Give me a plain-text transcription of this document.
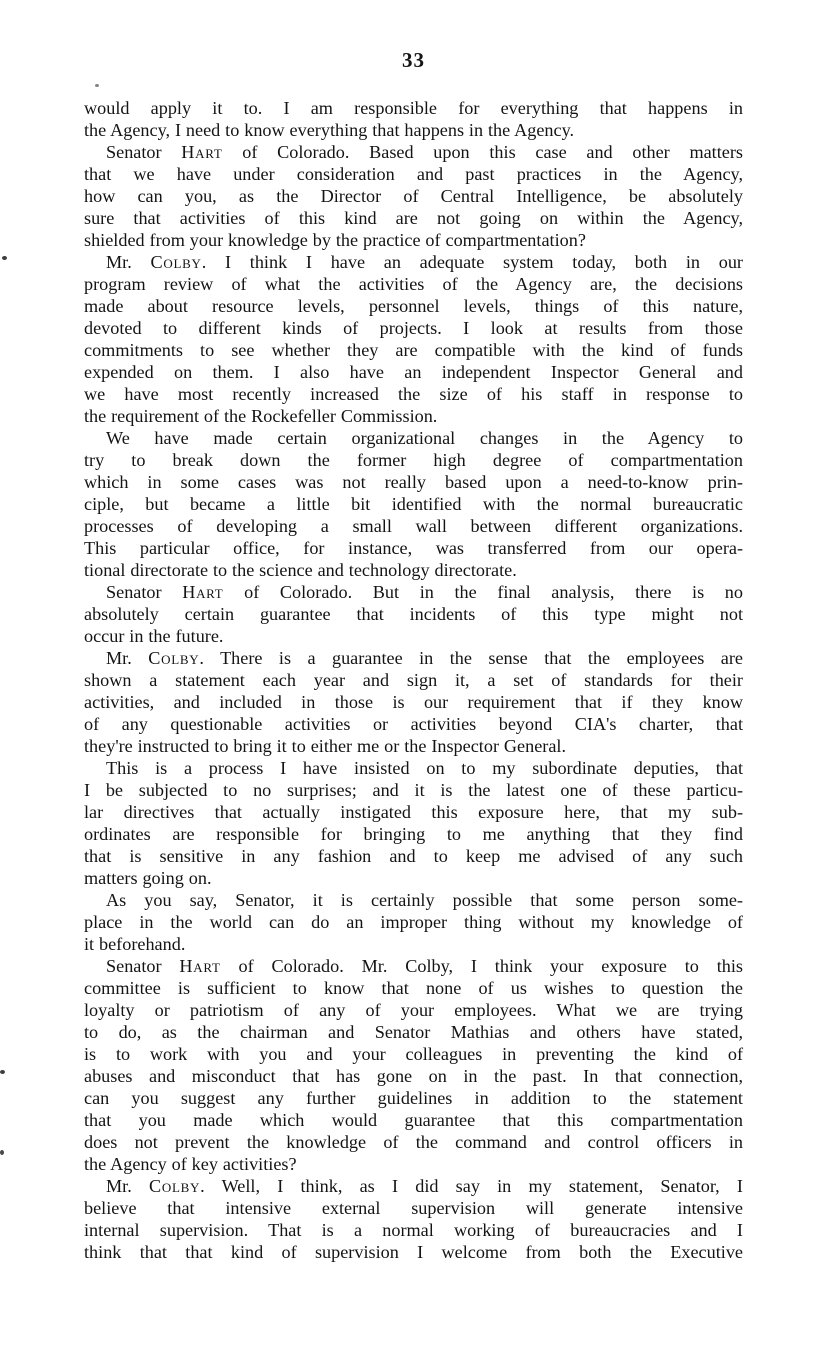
33
would apply it to. I am responsible for everything that happens in
the Agency, I need to know everything that happens in the Agency.
Senator Hart of Colorado. Based upon this case and other matters
that we have under consideration and past practices in the Agency,
how can you, as the Director of Central Intelligence, be absolutely
sure that activities of this kind are not going on within the Agency,
shielded from your knowledge by the practice of compartmentation?
Mr. Colby. I think I have an adequate system today, both in our
program review of what the activities of the Agency are, the decisions
made about resource levels, personnel levels, things of this nature,
devoted to different kinds of projects. I look at results from those
commitments to see whether they are compatible with the kind of funds
expended on them. I also have an independent Inspector General and
we have most recently increased the size of his staff in response to
the requirement of the Rockefeller Commission.
We have made certain organizational changes in the Agency to
try to break down the former high degree of compartmentation
which in some cases was not really based upon a need-to-know prin-
ciple, but became a little bit identified with the normal bureaucratic
processes of developing a small wall between different organizations.
This particular office, for instance, was transferred from our opera-
tional directorate to the science and technology directorate.
Senator Hart of Colorado. But in the final analysis, there is no
absolutely certain guarantee that incidents of this type might not
occur in the future.
Mr. Colby. There is a guarantee in the sense that the employees are
shown a statement each year and sign it, a set of standards for their
activities, and included in those is our requirement that if they know
of any questionable activities or activities beyond CIA's charter, that
they're instructed to bring it to either me or the Inspector General.
This is a process I have insisted on to my subordinate deputies, that
I be subjected to no surprises; and it is the latest one of these particu-
lar directives that actually instigated this exposure here, that my sub-
ordinates are responsible for bringing to me anything that they find
that is sensitive in any fashion and to keep me advised of any such
matters going on.
As you say, Senator, it is certainly possible that some person some-
place in the world can do an improper thing without my knowledge of
it beforehand.
Senator Hart of Colorado. Mr. Colby, I think your exposure to this
committee is sufficient to know that none of us wishes to question the
loyalty or patriotism of any of your employees. What we are trying
to do, as the chairman and Senator Mathias and others have stated,
is to work with you and your colleagues in preventing the kind of
abuses and misconduct that has gone on in the past. In that connection,
can you suggest any further guidelines in addition to the statement
that you made which would guarantee that this compartmentation
does not prevent the knowledge of the command and control officers in
the Agency of key activities?
Mr. Colby. Well, I think, as I did say in my statement, Senator, I
believe that intensive external supervision will generate intensive
internal supervision. That is a normal working of bureaucracies and I
think that that kind of supervision I welcome from both the Executive
